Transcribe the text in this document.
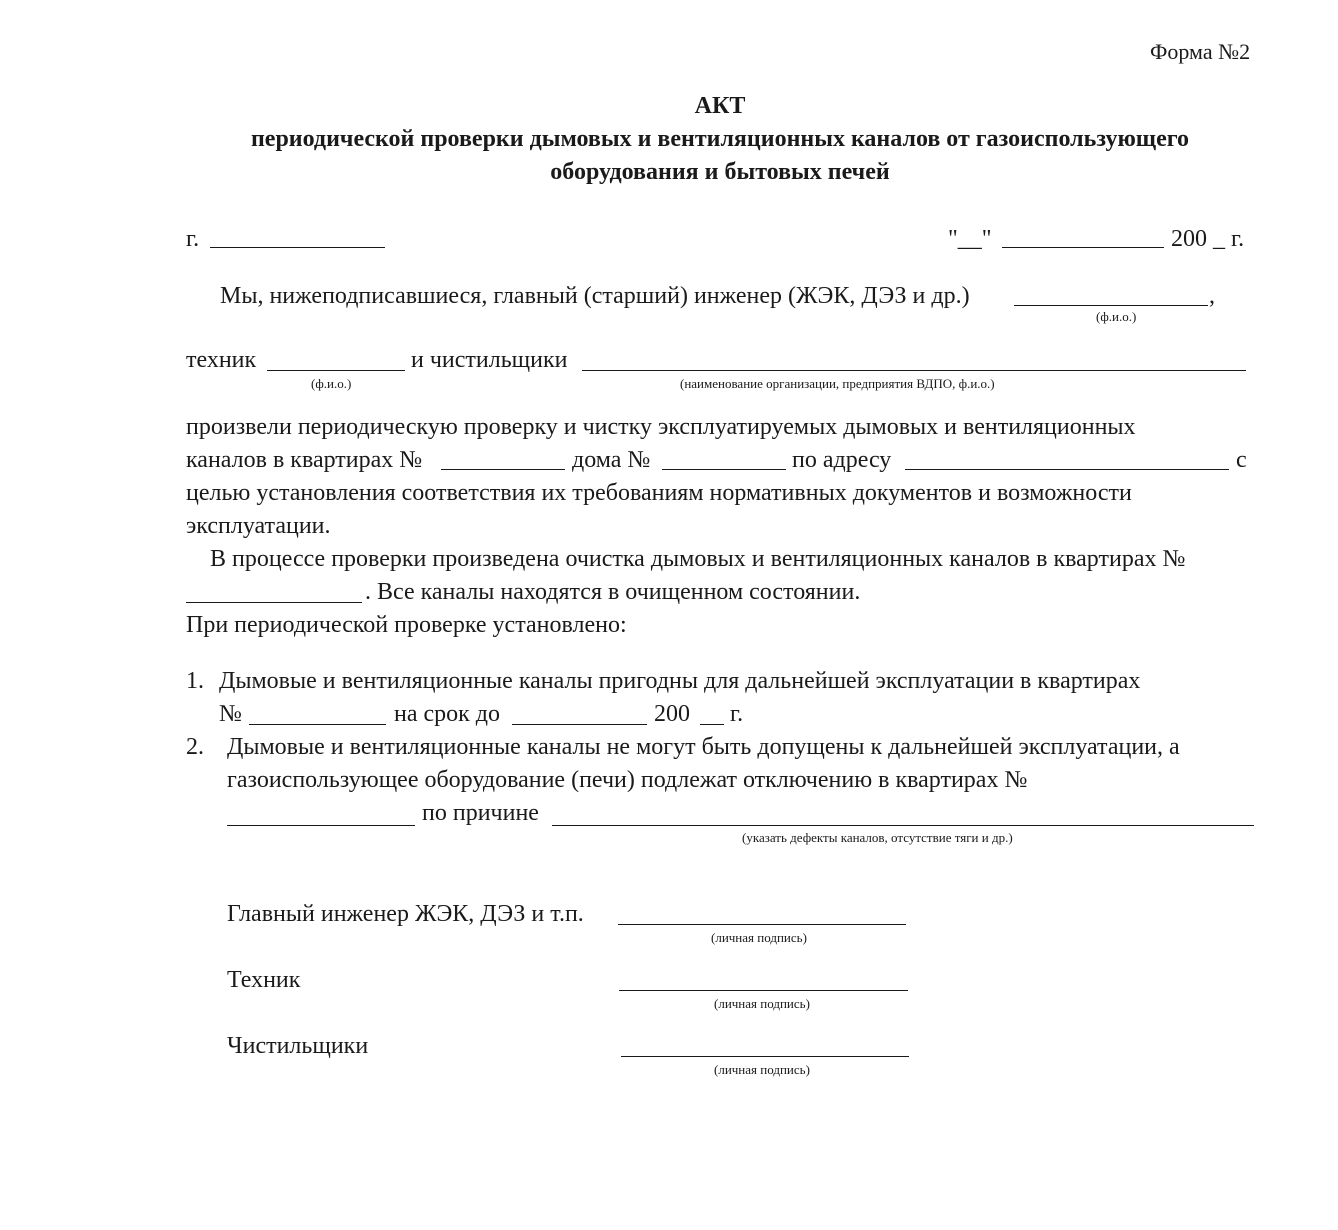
Форма №2
АКТ
периодической проверки дымовых и вентиляционных каналов от газоиспользующего
оборудования и бытовых печей
г.	"__"	200 _ г.
Мы, нижеподписавшиеся, главный (старший) инженер (ЖЭК, ДЭЗ и др.)	,
(ф.и.о.)
техник	и чистильщики
(ф.и.о.)	(наименование организации, предприятия ВДПО, ф.и.о.)
произвели периодическую проверку и чистку эксплуатируемых дымовых и вентиляционных
каналов в квартирах №	дома №	по адресу	с
целью установления соответствия их требованиям нормативных документов и возможности
эксплуатации.
В процессе проверки произведена очистка дымовых и вентиляционных каналов в квартирах №
. Все каналы находятся в очищенном состоянии.
При периодической проверке установлено:
1. Дымовые и вентиляционные каналы пригодны для дальнейшей эксплуатации в квартирах
№	на срок до	200 г.
2. Дымовые и вентиляционные каналы не могут быть допущены к дальнейшей эксплуатации, а
газоиспользующее оборудование (печи) подлежат отключению в квартирах №
по причине
(указать дефекты каналов, отсутствие тяги и др.)
Главный инженер ЖЭК, ДЭЗ и т.п.
(личная подпись)
Техник
(личная подпись)
Чистильщики
(личная подпись)
